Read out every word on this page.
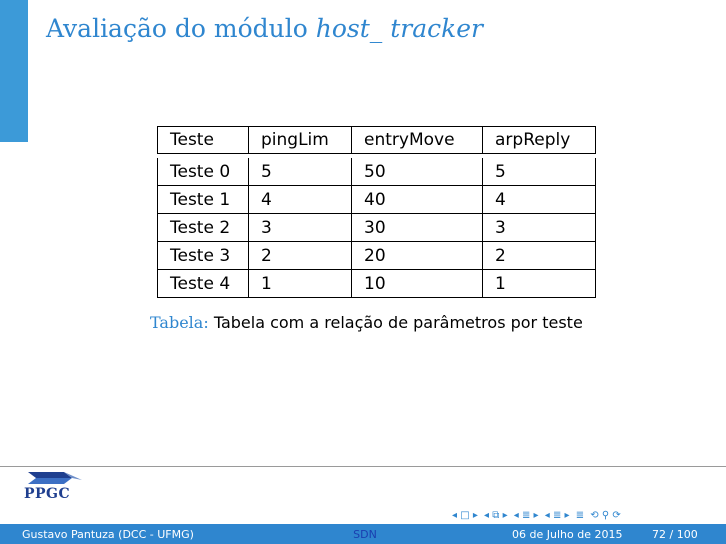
Avaliação do módulo host_ tracker
Teste	pingLim	entryMove	arpReply

Teste 0	5	50	5
Teste 1	4	40	4
Teste 2	3	30	3
Teste 3	2	20	2
Teste 4	1	10	1
Tabela: Tabela com a relação de parâmetros por teste
PPGC
◂ □ ▸ ◂ ⧉ ▸ ◂ ≣ ▸ ◂ ≣ ▸ ≣ ⟲ ⚲ ⟳
Gustavo Pantuza (DCC - UFMG)	SDN	06 de Julho de 2015	72 / 100
